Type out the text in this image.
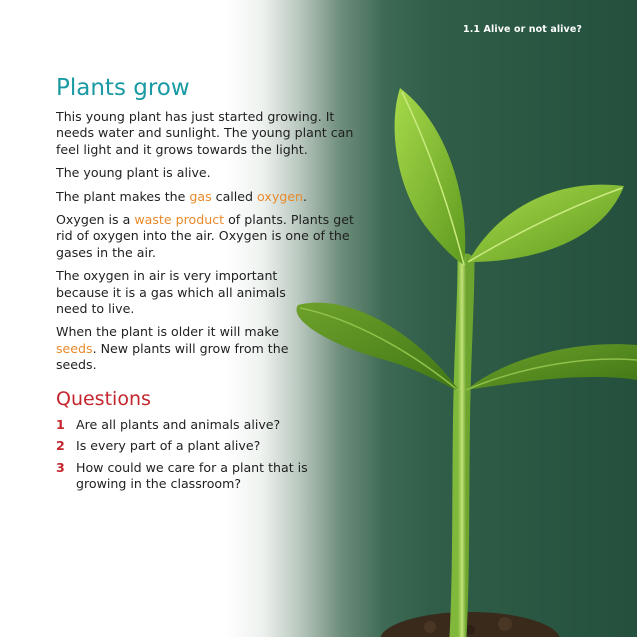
1.1 Alive or not alive?
Plants grow

This young plant has just started growing. It needs water and sunlight. The young plant can feel light and it grows towards the light.

The young plant is alive.

The plant makes the gas called oxygen.

Oxygen is a waste product of plants. Plants get rid of oxygen into the air. Oxygen is one of the gases in the air.

The oxygen in air is very important because it is a gas which all animals need to live.

When the plant is older it will make seeds. New plants will grow from the seeds.

Questions
1 Are all plants and animals alive?
2 Is every part of a plant alive?
3 How could we care for a plant that is growing in the classroom?
